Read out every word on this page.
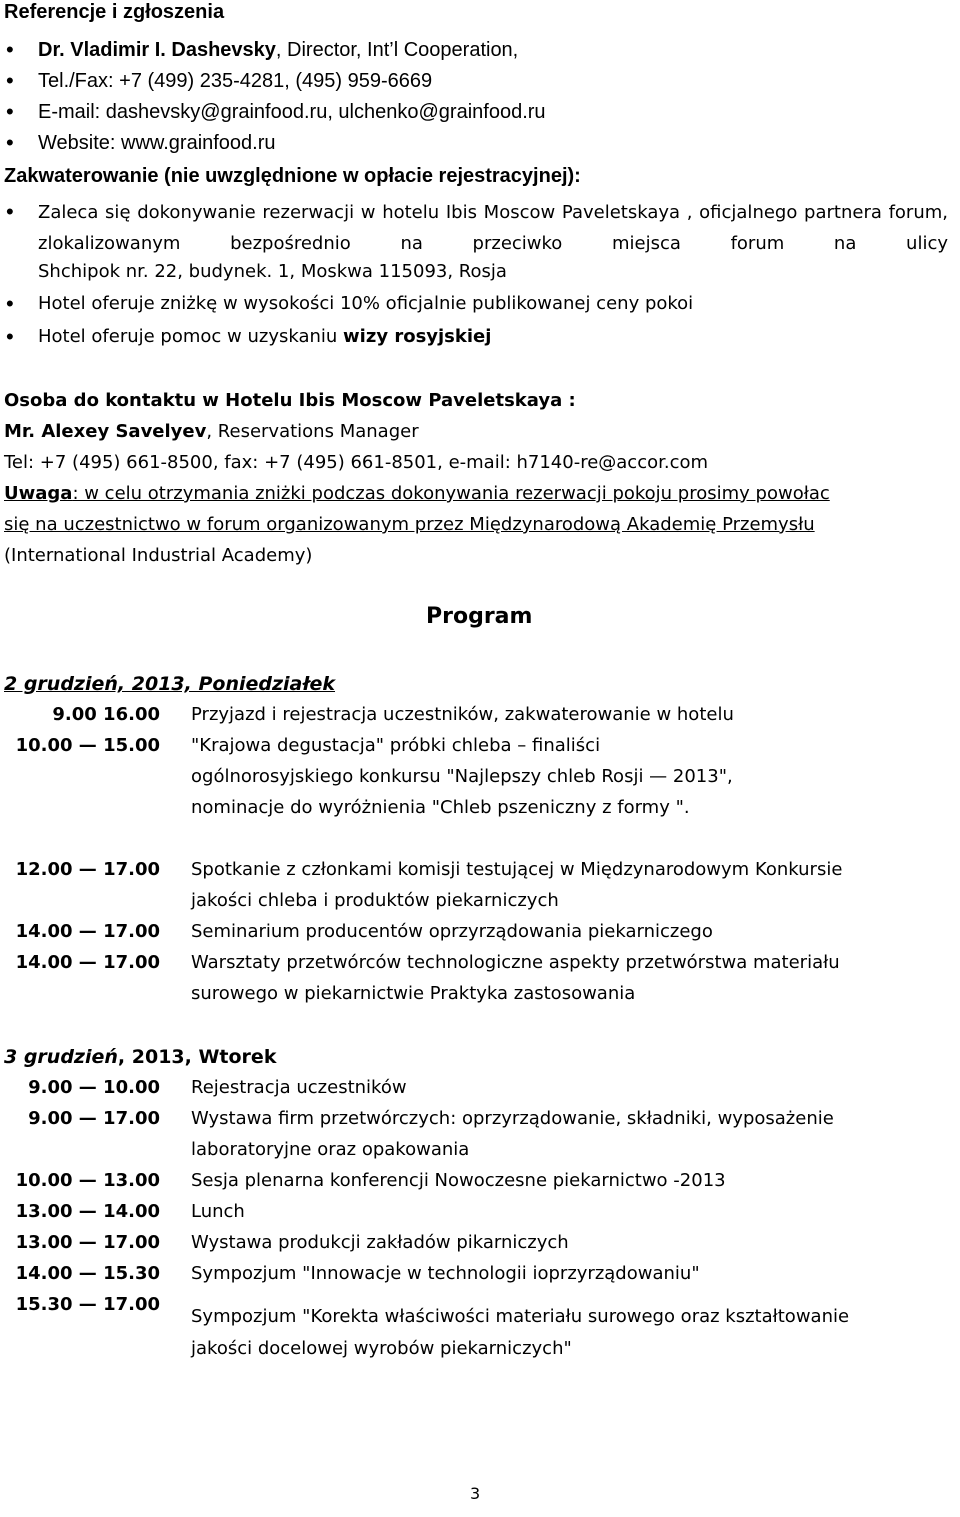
Referencje i zgłoszenia
• Dr. Vladimir I. Dashevsky, Director, Int’l Cooperation,
• Tel./Fax: +7 (499) 235-4281, (495) 959-6669
• E-mail: dashevsky@grainfood.ru, ulchenko@grainfood.ru
• Website: www.grainfood.ru
Zakwaterowanie (nie uwzględnione w opłacie rejestracyjnej):
• Zaleca się dokonywanie rezerwacji w hotelu Ibis Moscow Paveletskaya , oficjalnego partnera forum, zlokalizowanym bezpośrednio na przeciwko miejsca forum na ulicy
Shchipok nr. 22, budynek. 1, Moskwa 115093, Rosja
• Hotel oferuje zniżkę w wysokości 10% oficjalnie publikowanej ceny pokoi
• Hotel oferuje pomoc w uzyskaniu wizy rosyjskiej
Osoba do kontaktu w Hotelu Ibis Moscow Paveletskaya :
Mr. Alexey Savelyev, Reservations Manager
Tel: +7 (495) 661-8500, fax: +7 (495) 661-8501, e-mail: h7140-re@accor.com
Uwaga: w celu otrzymania zniżki podczas dokonywania rezerwacji pokoju prosimy powołac
się na uczestnictwo w forum organizowanym przez Międzynarodową Akademię Przemysłu
(International Industrial Academy)
Program
2 grudzień, 2013, Poniedziałek
9.00 16.00 Przyjazd i rejestracja uczestników, zakwaterowanie w hotelu
10.00 — 15.00 "Krajowa degustacja" próbki chleba – finaliści
ogólnorosyjskiego konkursu "Najlepszy chleb Rosji — 2013",
nominacje do wyróżnienia "Chleb pszeniczny z formy ".
12.00 — 17.00 Spotkanie z członkami komisji testującej w Międzynarodowym Konkursie
jakości chleba i produktów piekarniczych
14.00 — 17.00 Seminarium producentów oprzyrządowania piekarniczego
14.00 — 17.00 Warsztaty przetwórców technologiczne aspekty przetwórstwa materiału
surowego w piekarnictwie Praktyka zastosowania
3 grudzień, 2013, Wtorek
9.00 — 10.00 Rejestracja uczestników
9.00 — 17.00 Wystawa firm przetwórczych: oprzyrządowanie, składniki, wyposażenie
laboratoryjne oraz opakowania
10.00 — 13.00 Sesja plenarna konferencji Nowoczesne piekarnictwo -2013
13.00 — 14.00 Lunch
13.00 — 17.00 Wystawa produkcji zakładów pikarniczych
14.00 — 15.30 Sympozjum "Innowacje w technologii ioprzyrządowaniu"
15.30 — 17.00
Sympozjum "Korekta właściwości materiału surowego oraz kształtowanie
jakości docelowej wyrobów piekarniczych"
3
